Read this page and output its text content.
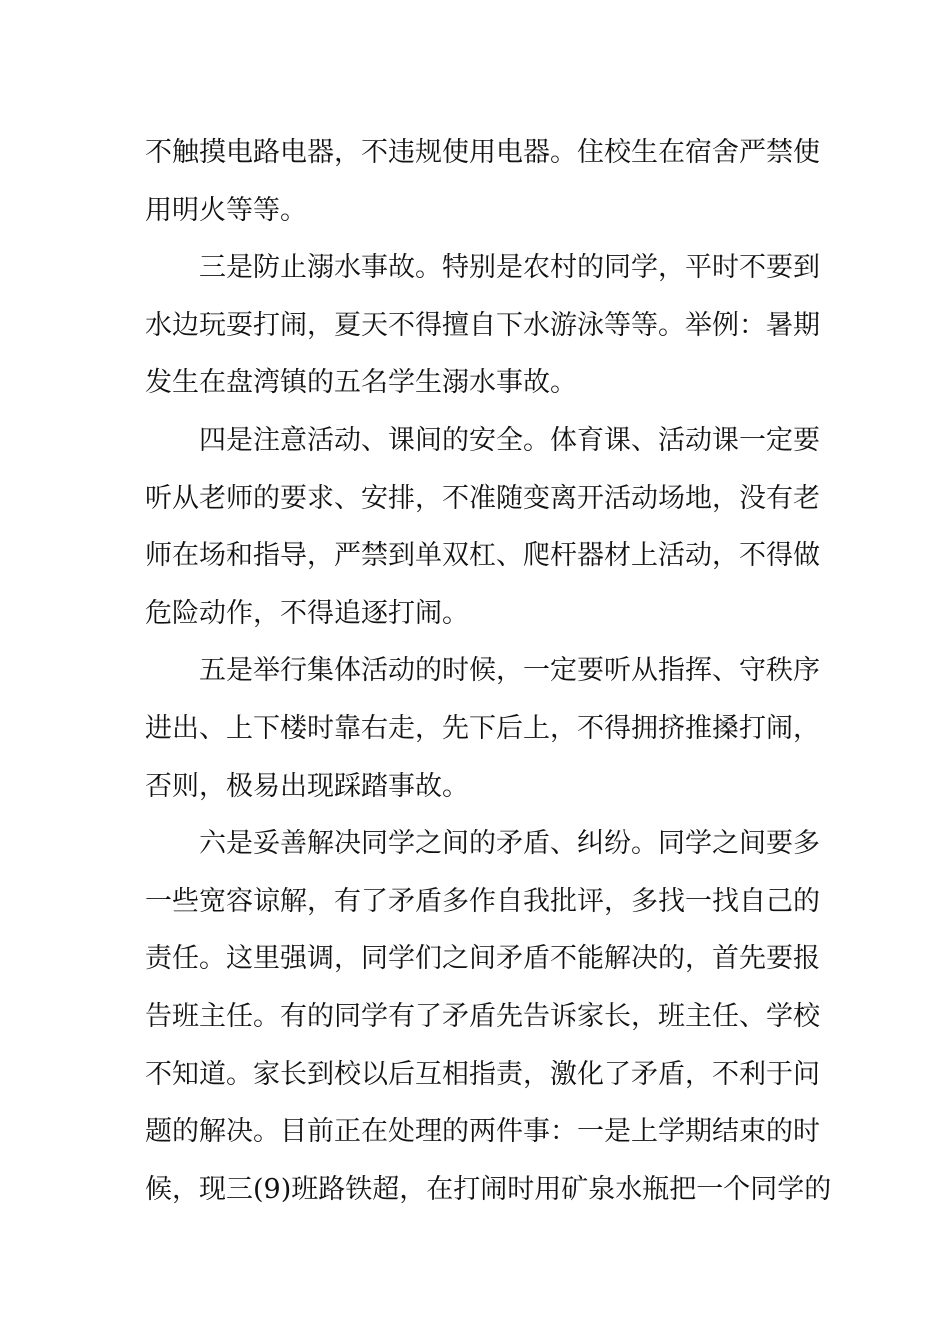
不触摸电路电器，不违规使用电器。住校生在宿舍严禁使
用明火等等。
三是防止溺水事故。特别是农村的同学，平时不要到
水边玩耍打闹，夏天不得擅自下水游泳等等。举例：暑期
发生在盘湾镇的五名学生溺水事故。
四是注意活动、课间的安全。体育课、活动课一定要
听从老师的要求、安排，不准随变离开活动场地，没有老
师在场和指导，严禁到单双杠、爬杆器材上活动，不得做
危险动作，不得追逐打闹。
五是举行集体活动的时候，一定要听从指挥、守秩序
进出、上下楼时靠右走，先下后上，不得拥挤推搡打闹，
否则，极易出现踩踏事故。
六是妥善解决同学之间的矛盾、纠纷。同学之间要多
一些宽容谅解，有了矛盾多作自我批评，多找一找自己的
责任。这里强调，同学们之间矛盾不能解决的，首先要报
告班主任。有的同学有了矛盾先告诉家长，班主任、学校
不知道。家长到校以后互相指责，激化了矛盾，不利于问
题的解决。目前正在处理的两件事：一是上学期结束的时
候，现三(9)班路铁超，在打闹时用矿泉水瓶把一个同学的
